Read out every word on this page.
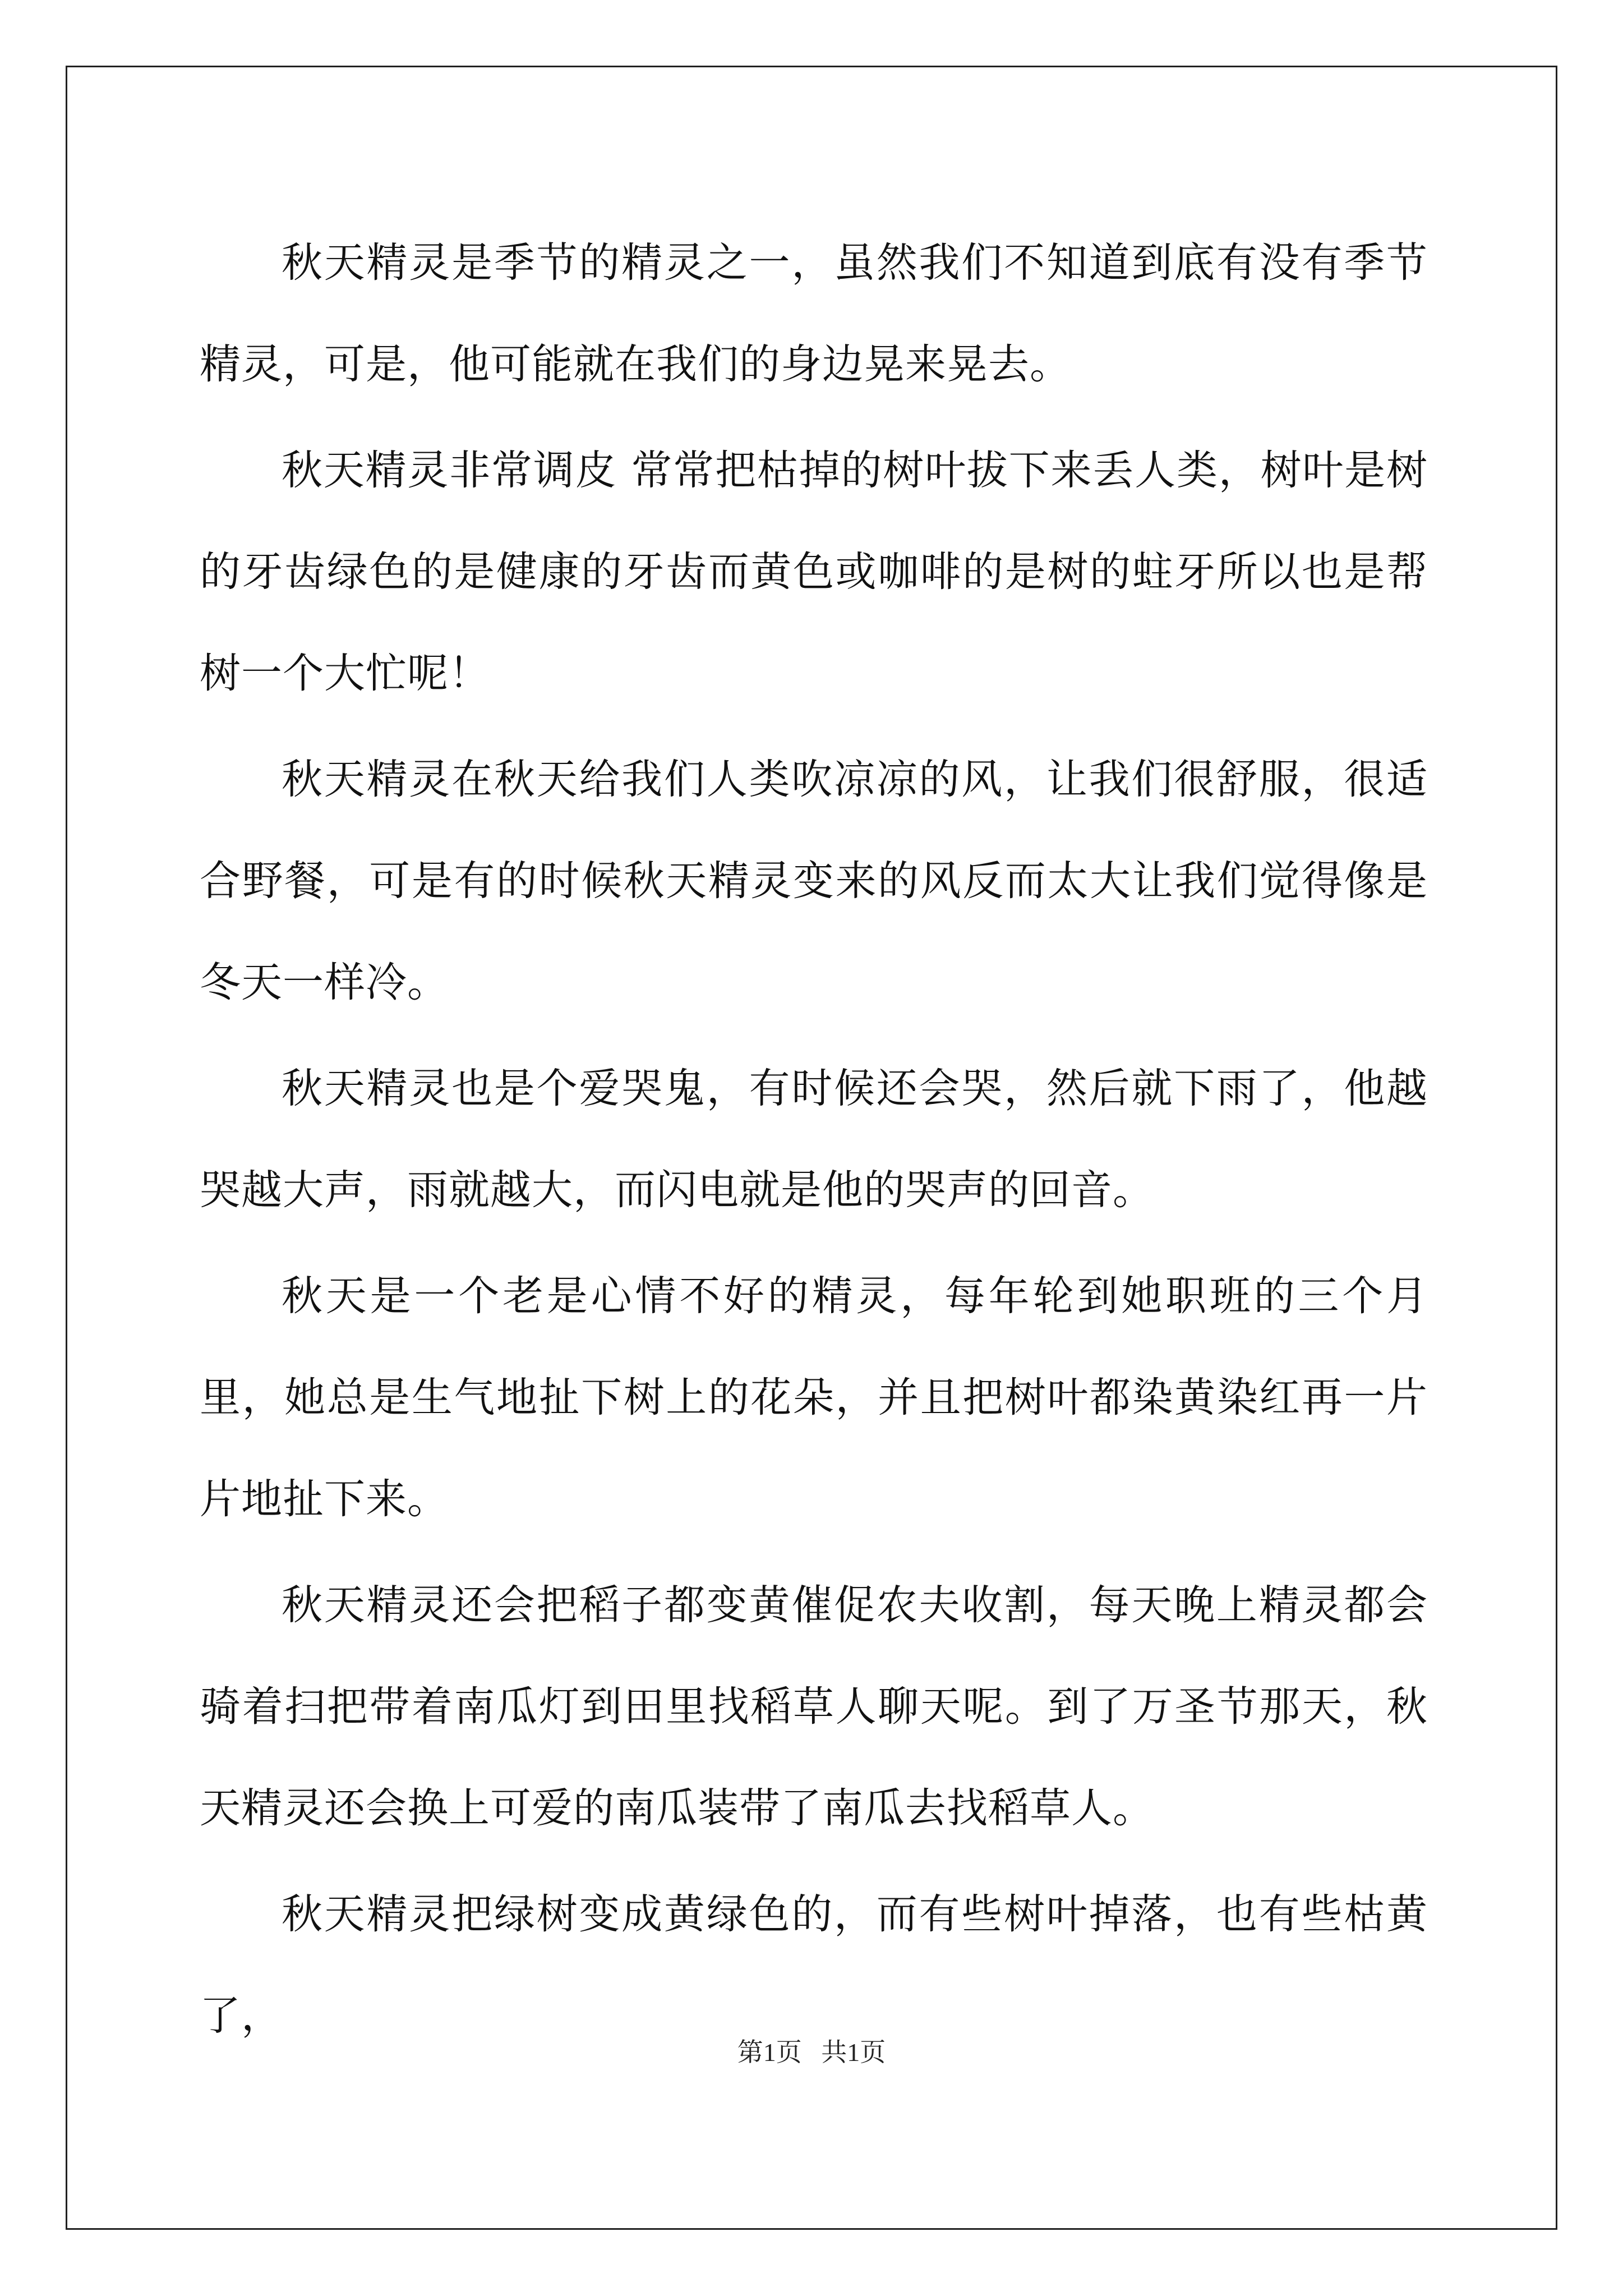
秋天精灵是季节的精灵之一，虽然我们不知道到底有没有季节精灵，可是，他可能就在我们的身边晃来晃去。

秋天精灵非常调皮 常常把枯掉的树叶拔下来丢人类，树叶是树的牙齿绿色的是健康的牙齿而黄色或咖啡的是树的蛀牙所以也是帮树一个大忙呢！

秋天精灵在秋天给我们人类吹凉凉的风，让我们很舒服，很适合野餐，可是有的时候秋天精灵变来的风反而太大让我们觉得像是冬天一样冷。

秋天精灵也是个爱哭鬼，有时候还会哭，然后就下雨了，他越哭越大声，雨就越大，而闪电就是他的哭声的回音。

秋天是一个老是心情不好的精灵，每年轮到她职班的三个月里，她总是生气地扯下树上的花朵，并且把树叶都染黄染红再一片片地扯下来。

秋天精灵还会把稻子都变黄催促农夫收割，每天晚上精灵都会骑着扫把带着南瓜灯到田里找稻草人聊天呢。到了万圣节那天，秋天精灵还会换上可爱的南瓜装带了南瓜去找稻草人。

秋天精灵把绿树变成黄绿色的，而有些树叶掉落，也有些枯黄了，

第1页   共1页
